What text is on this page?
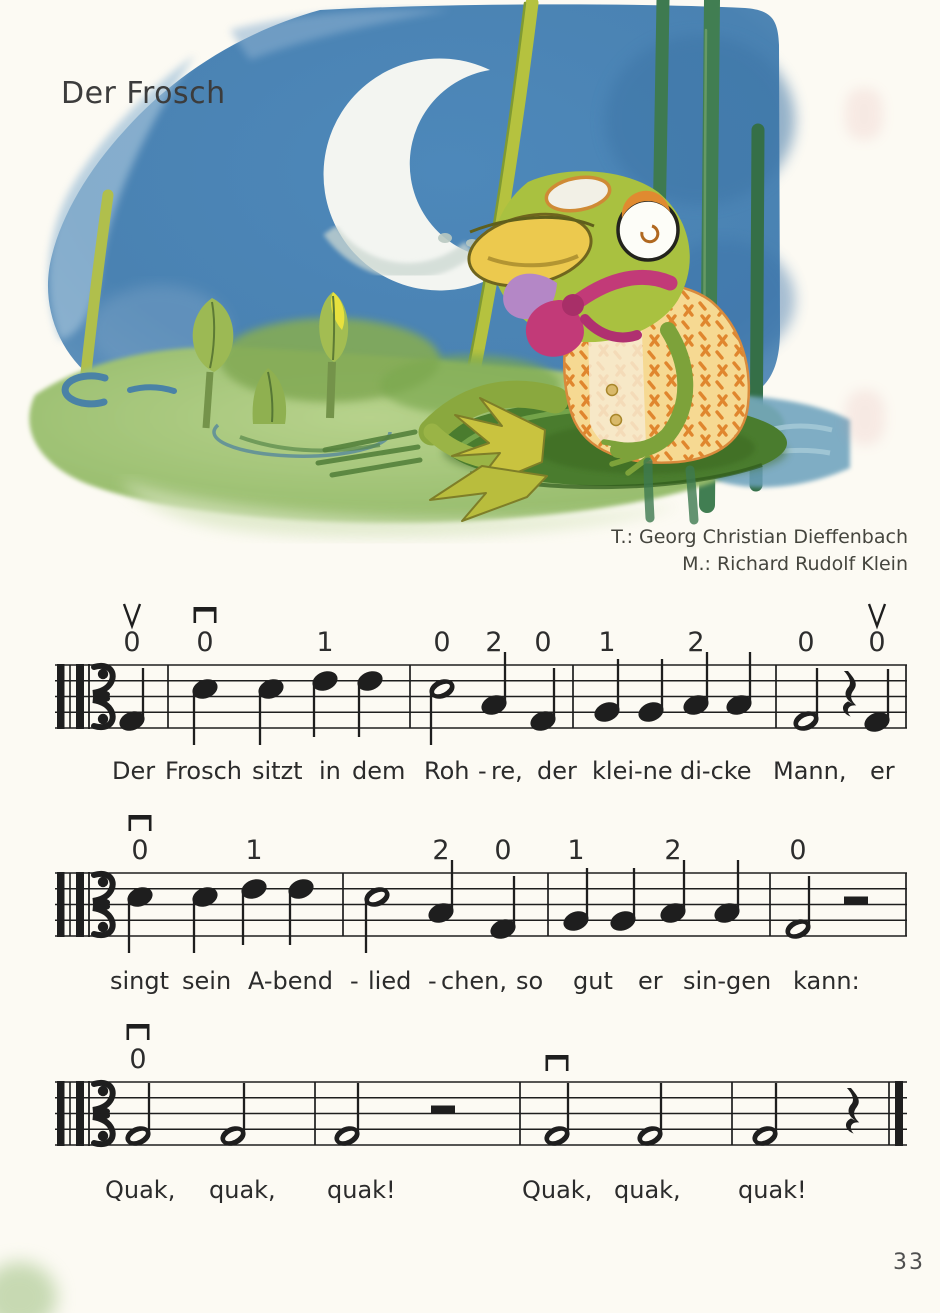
Der Frosch
T.: Georg Christian Dieffenbach
M.: Richard Rudolf Klein
0 0	1	0 2 0 1	2	0 0
0	1	2 0 1	2	0
0
Der Frosch sitzt in dem Roh - re, der klei-ne di-cke Mann, er
singt sein A-bend - lied - chen, so gut er sin-gen kann:
Quak, quak, quak!	Quak, quak, quak!
33
